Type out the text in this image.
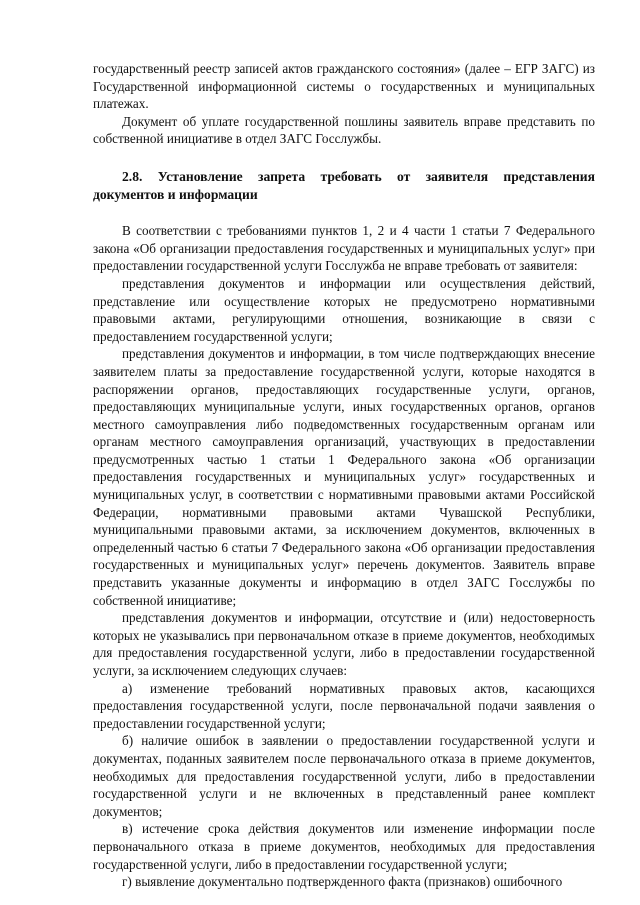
государственный реестр записей актов гражданского состояния» (далее – ЕГР ЗАГС) из Государственной информационной системы о государственных и муниципальных платежах.

Документ об уплате государственной пошлины заявитель вправе представить по собственной инициативе в отдел ЗАГС Госслужбы.

2.8. Установление запрета требовать от заявителя представления документов и информации

В соответствии с требованиями пунктов 1, 2 и 4 части 1 статьи 7 Федерального закона «Об организации предоставления государственных и муниципальных услуг» при предоставлении государственной услуги Госслужба не вправе требовать от заявителя:

представления документов и информации или осуществления действий, представление или осуществление которых не предусмотрено нормативными правовыми актами, регулирующими отношения, возникающие в связи с предоставлением государственной услуги;

представления документов и информации, в том числе подтверждающих внесение заявителем платы за предоставление государственной услуги, которые находятся в распоряжении органов, предоставляющих государственные услуги, органов, предоставляющих муниципальные услуги, иных государственных органов, органов местного самоуправления либо подведомственных государственным органам или органам местного самоуправления организаций, участвующих в предоставлении предусмотренных частью 1 статьи 1 Федерального закона «Об организации предоставления государственных и муниципальных услуг» государственных и муниципальных услуг, в соответствии с нормативными правовыми актами Российской Федерации, нормативными правовыми актами Чувашской Республики, муниципальными правовыми актами, за исключением документов, включенных в определенный частью 6 статьи 7 Федерального закона «Об организации предоставления государственных и муниципальных услуг» перечень документов. Заявитель вправе представить указанные документы и информацию в отдел ЗАГС Госслужбы по собственной инициативе;

представления документов и информации, отсутствие и (или) недостоверность которых не указывались при первоначальном отказе в приеме документов, необходимых для предоставления государственной услуги, либо в предоставлении государственной услуги, за исключением следующих случаев:

а) изменение требований нормативных правовых актов, касающихся предоставления государственной услуги, после первоначальной подачи заявления о предоставлении государственной услуги;

б) наличие ошибок в заявлении о предоставлении государственной услуги и документах, поданных заявителем после первоначального отказа в приеме документов, необходимых для предоставления государственной услуги, либо в предоставлении государственной услуги и не включенных в представленный ранее комплект документов;

в) истечение срока действия документов или изменение информации после первоначального отказа в приеме документов, необходимых для предоставления государственной услуги, либо в предоставлении государственной услуги;

г) выявление документально подтвержденного факта (признаков) ошибочного
